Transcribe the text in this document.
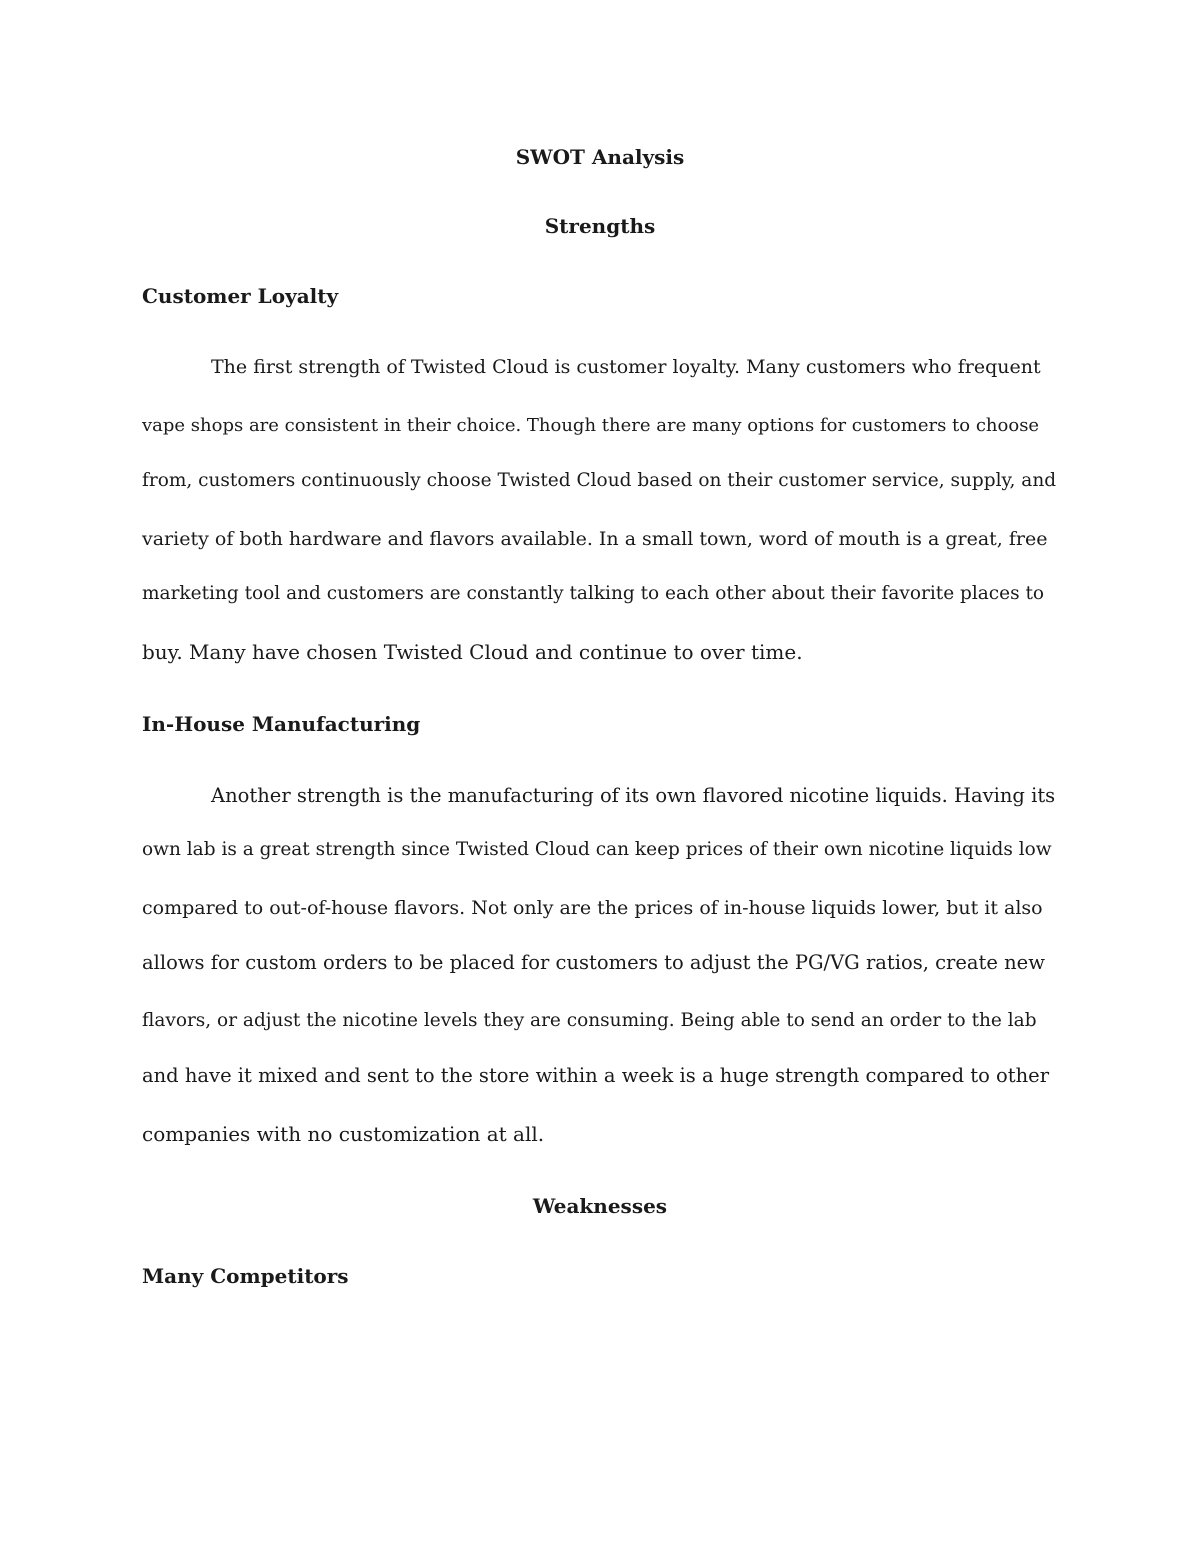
SWOT Analysis
Strengths
Customer Loyalty
The first strength of Twisted Cloud is customer loyalty. Many customers who frequent
vape shops are consistent in their choice. Though there are many options for customers to choose
from, customers continuously choose Twisted Cloud based on their customer service, supply, and
variety of both hardware and flavors available. In a small town, word of mouth is a great, free
marketing tool and customers are constantly talking to each other about their favorite places to
buy. Many have chosen Twisted Cloud and continue to over time.
In-House Manufacturing
Another strength is the manufacturing of its own flavored nicotine liquids. Having its
own lab is a great strength since Twisted Cloud can keep prices of their own nicotine liquids low
compared to out-of-house flavors. Not only are the prices of in-house liquids lower, but it also
allows for custom orders to be placed for customers to adjust the PG/VG ratios, create new
flavors, or adjust the nicotine levels they are consuming. Being able to send an order to the lab
and have it mixed and sent to the store within a week is a huge strength compared to other
companies with no customization at all.
Weaknesses
Many Competitors
